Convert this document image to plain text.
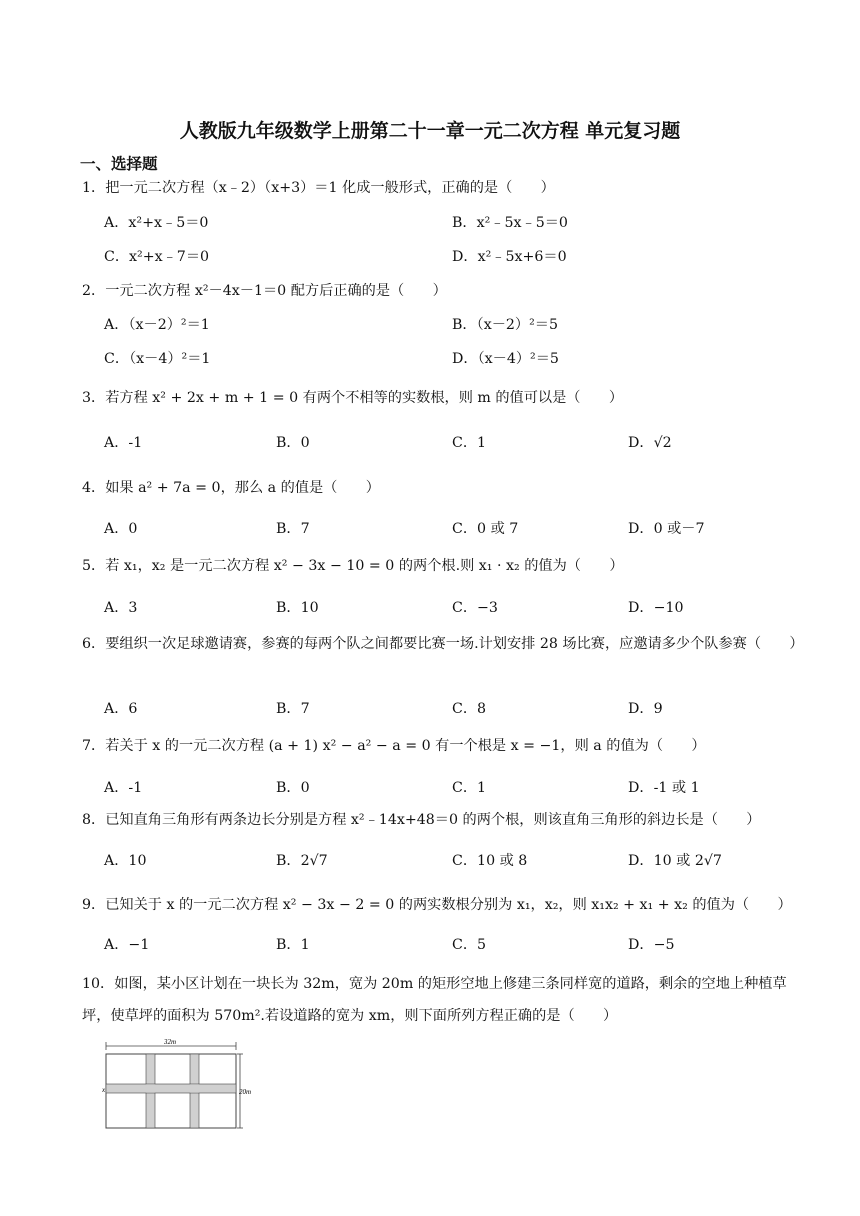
人教版九年级数学上册第二十一章一元二次方程 单元复习题
一、选择题
1．把一元二次方程（x﹣2）（x+3）＝1 化成一般形式，正确的是（　　）
A．x²+x﹣5＝0	B．x²﹣5x﹣5＝0
C．x²+x﹣7＝0	D．x²﹣5x+6＝0
2．一元二次方程 x²－4x－1＝0 配方后正确的是（　　）
A．（x－2）²＝1	B．（x－2）²＝5
C．（x－4）²＝1	D．（x－4）²＝5
3．若方程 x² + 2x + m + 1 = 0 有两个不相等的实数根，则 m 的值可以是（　　）
A．-1	B．0	C．1	D．√2
4．如果 a² + 7a = 0，那么 a 的值是（　　）
A．0	B．7	C．0 或 7	D．0 或－7
5．若 x₁，x₂ 是一元二次方程 x² − 3x − 10 = 0 的两个根.则 x₁ · x₂ 的值为（　　）
A．3	B．10	C．−3	D．−10
6．要组织一次足球邀请赛，参赛的每两个队之间都要比赛一场.计划安排 28 场比赛，应邀请多少个队参赛（　　）
A．6	B．7	C．8	D．9
7．若关于 x 的一元二次方程 (a + 1) x² − a² − a = 0 有一个根是 x = −1，则 a 的值为（　　）
A．-1	B．0	C．1	D．-1 或 1
8．已知直角三角形有两条边长分别是方程 x²﹣14x+48＝0 的两个根，则该直角三角形的斜边长是（　　）
A．10	B．2√7	C．10 或 8	D．10 或 2√7
9．已知关于 x 的一元二次方程 x² − 3x − 2 = 0 的两实数根分别为 x₁，x₂，则 x₁x₂ + x₁ + x₂ 的值为（　　）
A．−1	B．1	C．5	D．−5
10．如图，某小区计划在一块长为 32m，宽为 20m 的矩形空地上修建三条同样宽的道路，剩余的空地上种植草坪，使草坪的面积为 570m².若设道路的宽为 xm，则下面所列方程正确的是（　　）
32m
20m
x
